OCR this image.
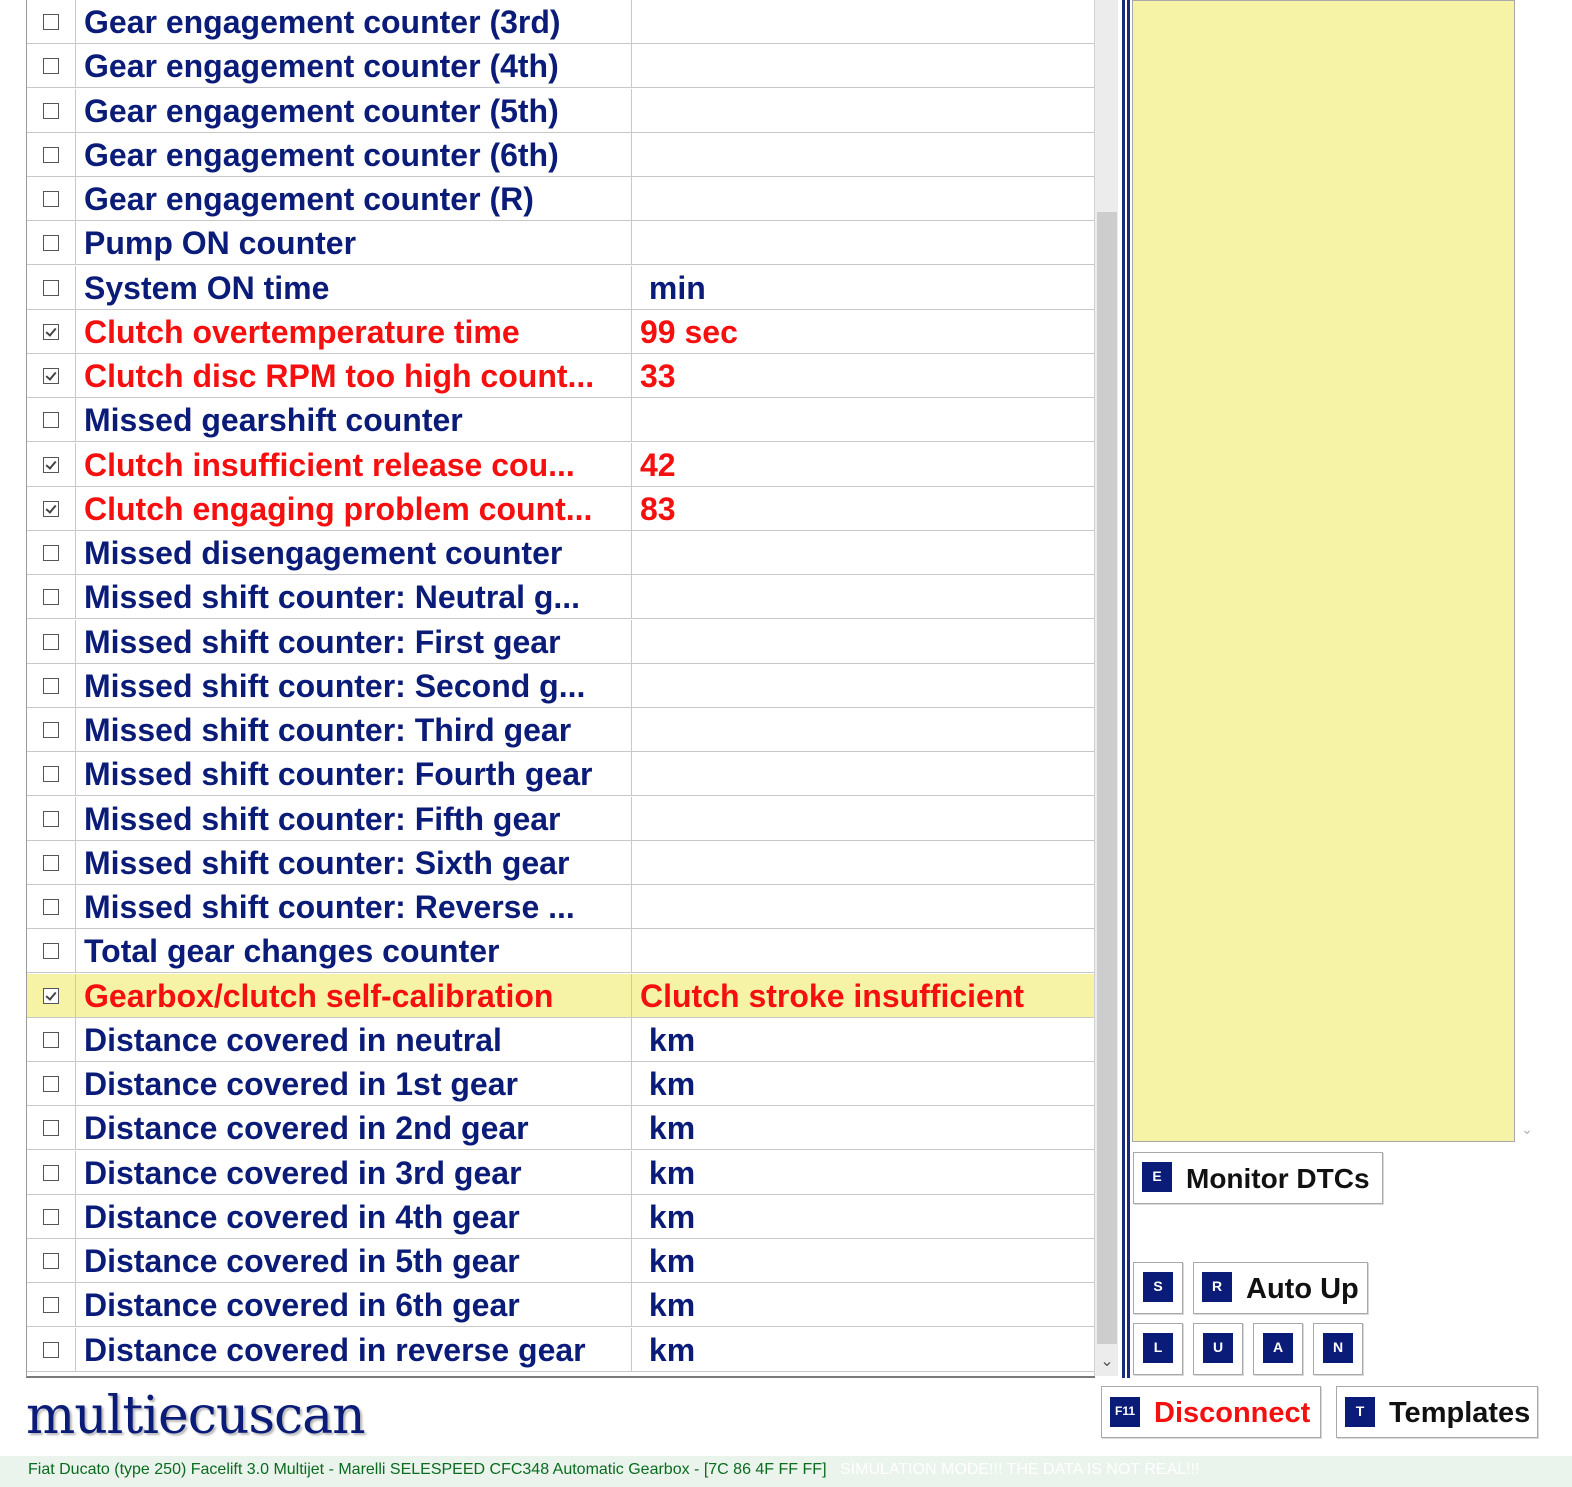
Gear engagement counter (3rd)
Gear engagement counter (4th)
Gear engagement counter (5th)
Gear engagement counter (6th)
Gear engagement counter (R)
Pump ON counter
System ON time	min
Clutch overtemperature time	99 sec
Clutch disc RPM too high count...	33
Missed gearshift counter
Clutch insufficient release cou...	42
Clutch engaging problem count...	83
Missed disengagement counter
Missed shift counter: Neutral g...
Missed shift counter: First gear
Missed shift counter: Second g...
Missed shift counter: Third gear
Missed shift counter: Fourth gear
Missed shift counter: Fifth gear
Missed shift counter: Sixth gear
Missed shift counter: Reverse ...
Total gear changes counter
Gearbox/clutch self-calibration	Clutch stroke insufficient
Distance covered in neutral	km
Distance covered in 1st gear	km
Distance covered in 2nd gear	km
Distance covered in 3rd gear	km
Distance covered in 4th gear	km
Distance covered in 5th gear	km
Distance covered in 6th gear	km
Distance covered in reverse gear	km	⌄
⌄
E Monitor DTCs
S	R Auto Up
L	U	A	N
F11 Disconnect	T Templates
multiecuscan
Fiat Ducato (type 250) Facelift 3.0 Multijet - Marelli SELESPEED CFC348 Automatic Gearbox - [7C 86 4F FF FF] SIMULATION MODE!!! THE DATA IS NOT REAL!!!
